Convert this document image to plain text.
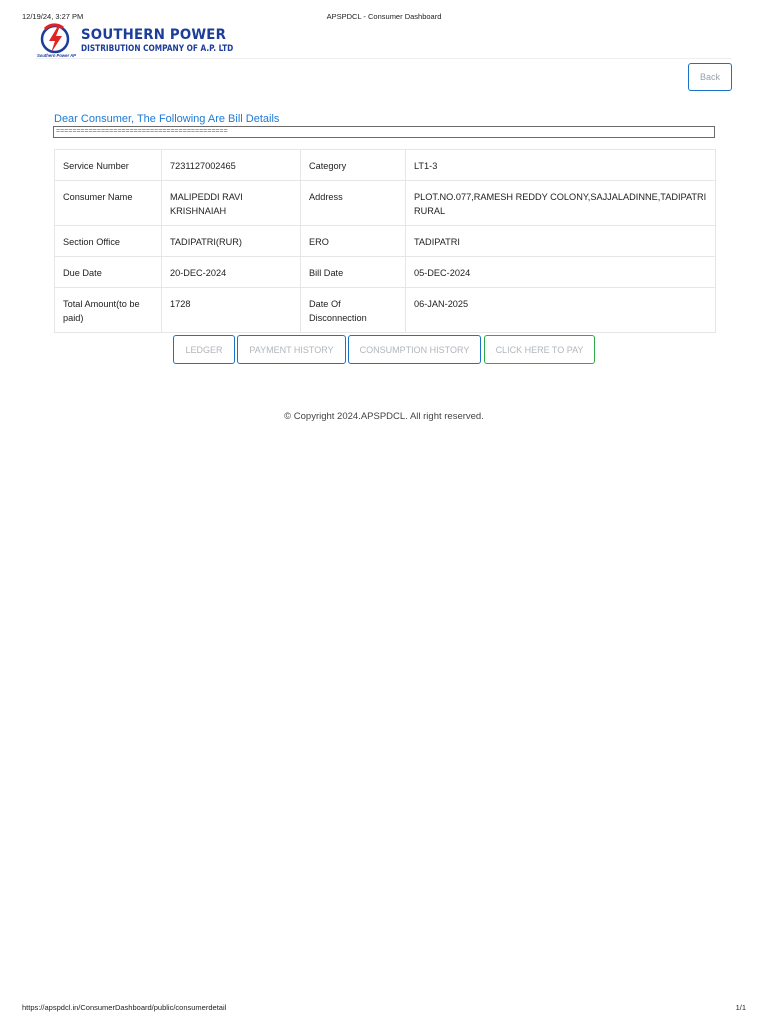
12/19/24, 3:27 PM	APSPDCL - Consumer Dashboard
SOUTHERN POWER
DISTRIBUTION COMPANY OF A.P. LTD
Southern Power AP
Back
Dear Consumer, The Following Are Bill Details
==========================================
Service Number	7231127002465	Category	LT1-3
Consumer Name	MALIPEDDI RAVI KRISHNAIAH	Address	PLOT.NO.077,RAMESH REDDY COLONY,SAJJALADINNE,TADIPATRI RURAL
Section Office	TADIPATRI(RUR)	ERO	TADIPATRI
Due Date	20-DEC-2024	Bill Date	05-DEC-2024
Total Amount(to be paid)	1728	Date Of Disconnection	06-JAN-2025
LEDGER	PAYMENT HISTORY	CONSUMPTION HISTORY	CLICK HERE TO PAY
© Copyright 2024.APSPDCL. All right reserved.
https://apspdcl.in/ConsumerDashboard/public/consumerdetail	1/1
